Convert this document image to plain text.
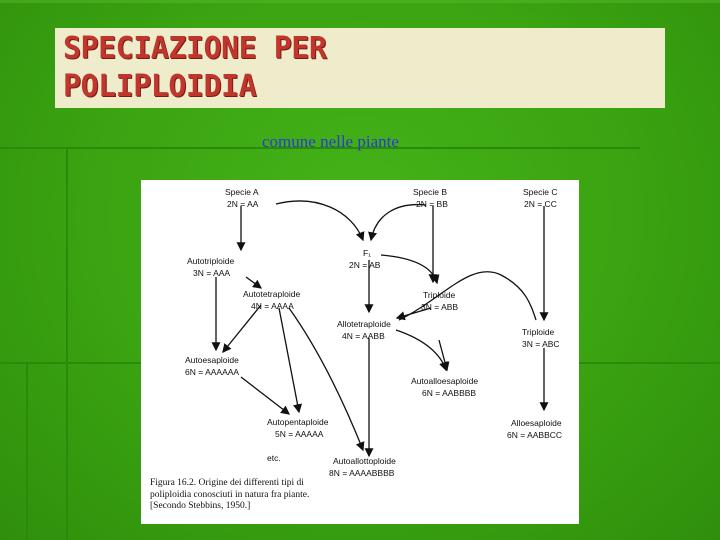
SPECIAZIONE PER
POLIPLOIDIA
comune nelle piante
Specie A
2N = AA
Specie B
2N = BB
Specie C
2N = CC
F₁
2N = AB
Autotriploide
3N = AAA
Autotetraploide
4N = AAAA
Triploide
3N = ABB
Allotetraploide
4N = AABB	Triploide
3N = ABC
Autoesaploide
6N = AAAAAA
Autoalloesaploide
6N = AABBBB
Autopentaploide
5N = AAAAA
Alloesaploide
6N = AABBCC
etc.	Autoallottoploide
8N = AAAABBBB
Figura 16.2. Origine dei differenti tipi di
poliploidia conosciuti in natura fra piante.
[Secondo Stebbins, 1950.]
